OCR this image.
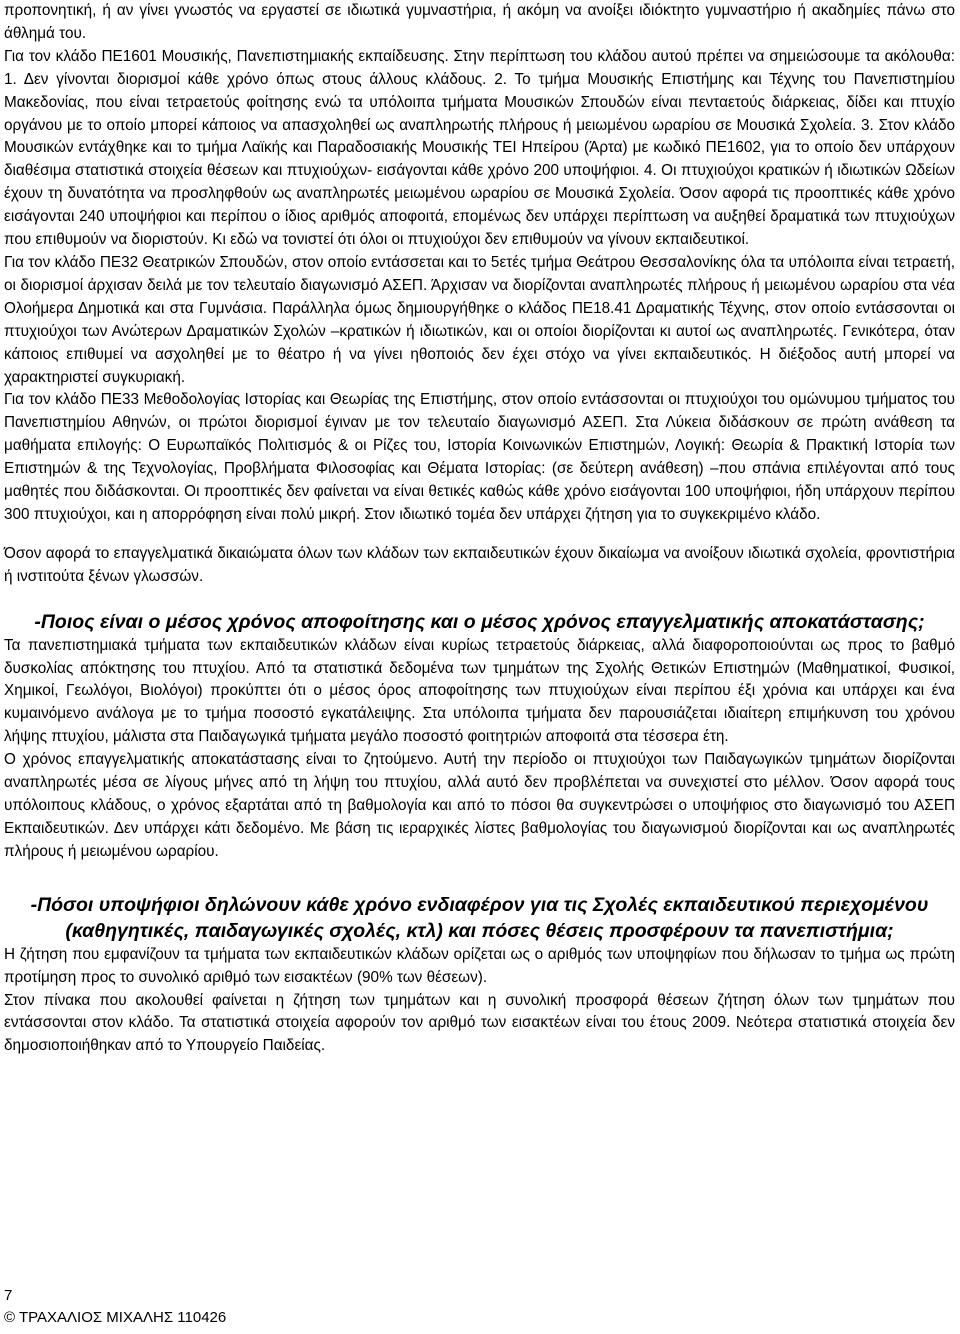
προπονητική, ή αν γίνει γνωστός να εργαστεί σε ιδιωτικά γυμναστήρια, ή ακόμη να ανοίξει ιδιόκτητο γυμναστήριο ή ακαδημίες πάνω στο άθλημά του.

Για τον κλάδο ΠΕ1601 Μουσικής, Πανεπιστημιακής εκπαίδευσης. Στην περίπτωση του κλάδου αυτού πρέπει να σημειώσουμε τα ακόλουθα: 1. Δεν γίνονται διορισμοί κάθε χρόνο όπως στους άλλους κλάδους. 2. Το τμήμα Μουσικής Επιστήμης και Τέχνης του Πανεπιστημίου Μακεδονίας, που είναι τετραετούς φοίτησης ενώ τα υπόλοιπα τμήματα Μουσικών Σπουδών είναι πενταετούς διάρκειας, δίδει και πτυχίο οργάνου με το οποίο μπορεί κάποιος να απασχοληθεί ως αναπληρωτής πλήρους ή μειωμένου ωραρίου σε Μουσικά Σχολεία. 3. Στον κλάδο Μουσικών εντάχθηκε και το τμήμα Λαϊκής και Παραδοσιακής Μουσικής ΤΕΙ Ηπείρου (Άρτα) με κωδικό ΠΕ1602, για το οποίο δεν υπάρχουν διαθέσιμα στατιστικά στοιχεία θέσεων και πτυχιούχων- εισάγονται κάθε χρόνο 200 υποψήφιοι. 4. Οι πτυχιούχοι κρατικών ή ιδιωτικών Ωδείων έχουν τη δυνατότητα να προσληφθούν ως αναπληρωτές μειωμένου ωραρίου σε Μουσικά Σχολεία. Όσον αφορά τις προοπτικές κάθε χρόνο εισάγονται 240 υποψήφιοι και περίπου ο ίδιος αριθμός αποφοιτά, επομένως δεν υπάρχει περίπτωση να αυξηθεί δραματικά των πτυχιούχων που επιθυμούν να διοριστούν. Κι εδώ να τονιστεί ότι όλοι οι πτυχιούχοι δεν επιθυμούν να γίνουν εκπαιδευτικοί.

Για τον κλάδο ΠΕ32 Θεατρικών Σπουδών, στον οποίο εντάσσεται και το 5ετές τμήμα Θεάτρου Θεσσαλονίκης όλα τα υπόλοιπα είναι τετραετή, οι διορισμοί άρχισαν δειλά με τον τελευταίο διαγωνισμό ΑΣΕΠ. Άρχισαν να διορίζονται αναπληρωτές πλήρους ή μειωμένου ωραρίου στα νέα Ολοήμερα Δημοτικά και στα Γυμνάσια. Παράλληλα όμως δημιουργήθηκε ο κλάδος ΠΕ18.41 Δραματικής Τέχνης, στον οποίο εντάσσονται οι πτυχιούχοι των Ανώτερων Δραματικών Σχολών –κρατικών ή ιδιωτικών, και οι οποίοι διορίζονται κι αυτοί ως αναπληρωτές. Γενικότερα, όταν κάποιος επιθυμεί να ασχοληθεί με το θέατρο ή να γίνει ηθοποιός δεν έχει στόχο να γίνει εκπαιδευτικός. Η διέξοδος αυτή μπορεί να χαρακτηριστεί συγκυριακή.

Για τον κλάδο ΠΕ33 Μεθοδολογίας Ιστορίας και Θεωρίας της Επιστήμης, στον οποίο εντάσσονται οι πτυχιούχοι του ομώνυμου τμήματος του Πανεπιστημίου Αθηνών, οι πρώτοι διορισμοί έγιναν με τον τελευταίο διαγωνισμό ΑΣΕΠ. Στα Λύκεια διδάσκουν σε πρώτη ανάθεση τα μαθήματα επιλογής: Ο Ευρωπαϊκός Πολιτισμός & οι Ρίζες του, Ιστορία Κοινωνικών Επιστημών, Λογική: Θεωρία & Πρακτική Ιστορία των Επιστημών & της Τεχνολογίας, Προβλήματα Φιλοσοφίας και Θέματα Ιστορίας: (σε δεύτερη ανάθεση) –που σπάνια επιλέγονται από τους μαθητές που διδάσκονται. Οι προοπτικές δεν φαίνεται να είναι θετικές καθώς κάθε χρόνο εισάγονται 100 υποψήφιοι, ήδη υπάρχουν περίπου 300 πτυχιούχοι, και η απορρόφηση είναι πολύ μικρή. Στον ιδιωτικό τομέα δεν υπάρχει ζήτηση για το συγκεκριμένο κλάδο.

Όσον αφορά το επαγγελματικά δικαιώματα όλων των κλάδων των εκπαιδευτικών έχουν δικαίωμα να ανοίξουν ιδιωτικά σχολεία, φροντιστήρια ή ινστιτούτα ξένων γλωσσών.

-Ποιος είναι ο μέσος χρόνος αποφοίτησης και ο μέσος χρόνος επαγγελματικής αποκατάστασης;

Τα πανεπιστημιακά τμήματα των εκπαιδευτικών κλάδων είναι κυρίως τετραετούς διάρκειας, αλλά διαφοροποιούνται ως προς το βαθμό δυσκολίας απόκτησης του πτυχίου. Από τα στατιστικά δεδομένα των τμημάτων της Σχολής Θετικών Επιστημών (Μαθηματικοί, Φυσικοί, Χημικοί, Γεωλόγοι, Βιολόγοι) προκύπτει ότι ο μέσος όρος αποφοίτησης των πτυχιούχων είναι περίπου έξι χρόνια και υπάρχει και ένα κυμαινόμενο ανάλογα με το τμήμα ποσοστό εγκατάλειψης. Στα υπόλοιπα τμήματα δεν παρουσιάζεται ιδιαίτερη επιμήκυνση του χρόνου λήψης πτυχίου, μάλιστα στα Παιδαγωγικά τμήματα μεγάλο ποσοστό φοιτητριών αποφοιτά στα τέσσερα έτη.

Ο χρόνος επαγγελματικής αποκατάστασης είναι το ζητούμενο. Αυτή την περίοδο οι πτυχιούχοι των Παιδαγωγικών τμημάτων διορίζονται αναπληρωτές μέσα σε λίγους μήνες από τη λήψη του πτυχίου, αλλά αυτό δεν προβλέπεται να συνεχιστεί στο μέλλον. Όσον αφορά τους υπόλοιπους κλάδους, ο χρόνος εξαρτάται από τη βαθμολογία και από το πόσοι θα συγκεντρώσει ο υποψήφιος στο διαγωνισμό του ΑΣΕΠ Εκπαιδευτικών. Δεν υπάρχει κάτι δεδομένο. Με βάση τις ιεραρχικές λίστες βαθμολογίας του διαγωνισμού διορίζονται και ως αναπληρωτές πλήρους ή μειωμένου ωραρίου.

-Πόσοι υποψήφιοι δηλώνουν κάθε χρόνο ενδιαφέρον για τις Σχολές εκπαιδευτικού περιεχομένου (καθηγητικές, παιδαγωγικές σχολές, κτλ) και πόσες θέσεις προσφέρουν τα πανεπιστήμια;

Η ζήτηση που εμφανίζουν τα τμήματα των εκπαιδευτικών κλάδων ορίζεται ως ο αριθμός των υποψηφίων που δήλωσαν το τμήμα ως πρώτη προτίμηση προς το συνολικό αριθμό των εισακτέων (90% των θέσεων).

Στον πίνακα που ακολουθεί φαίνεται η ζήτηση των τμημάτων και η συνολική προσφορά θέσεων ζήτηση όλων των τμημάτων που εντάσσονται στον κλάδο. Τα στατιστικά στοιχεία αφορούν τον αριθμό των εισακτέων είναι του έτους 2009. Νεότερα στατιστικά στοιχεία δεν δημοσιοποιήθηκαν από το Υπουργείο Παιδείας.

7
© ΤΡΑΧΑΛΙΟΣ ΜΙΧΑΛΗΣ 110426
